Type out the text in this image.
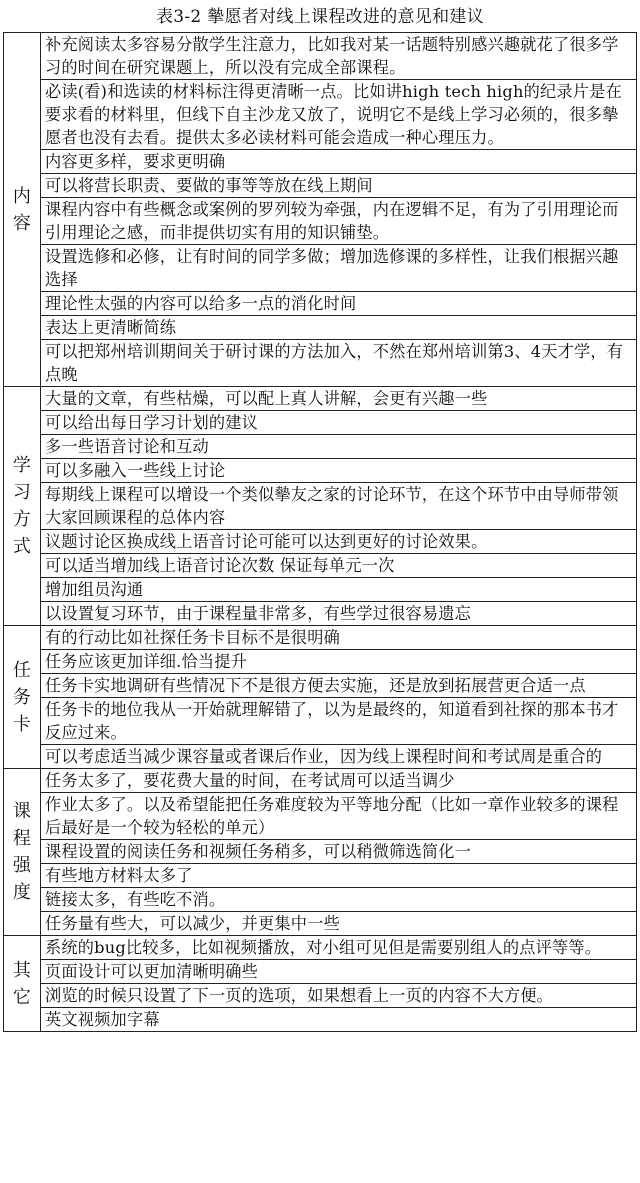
表3-2 摰愿者对线上课程改进的意见和建议
内
容	补充阅读太多容易分散学生注意力，比如我对某一话题特别感兴趣就花了很多学习的时间在研究课题上，所以没有完成全部课程。
	必读(看)和选读的材料标注得更清晰一点。比如讲high tech high的纪录片是在要求看的材料里，但线下自主沙龙又放了，说明它不是线上学习必须的，很多摰愿者也没有去看。提供太多必读材料可能会造成一种心理压力。
	内容更多样，要求更明确
	可以将营长职责、要做的事等等放在线上期间
	课程内容中有些概念或案例的罗列较为牵强，内在逻辑不足，有为了引用理论而引用理论之感，而非提供切实有用的知识铺垫。
	设置选修和必修，让有时间的同学多做；增加选修课的多样性，让我们根据兴趣选择
	理论性太强的内容可以给多一点的消化时间
	表达上更清晰简练
	可以把郑州培训期间关于研讨课的方法加入，不然在郑州培训第3、4天才学，有点晚

学
习
方
式	大量的文章，有些枯燥，可以配上真人讲解，会更有兴趣一些
	可以给出每日学习计划的建议
	多一些语音讨论和互动
	可以多融入一些线上讨论
	每期线上课程可以增设一个类似摰友之家的讨论环节，在这个环节中由导师带领大家回顾课程的总体内容
	议题讨论区换成线上语音讨论可能可以达到更好的讨论效果。
	可以适当增加线上语音讨论次数 保证每单元一次
	增加组员沟通
	以设置复习环节，由于课程量非常多，有些学过很容易遗忘

任
务
卡	有的行动比如社探任务卡目标不是很明确
	任务应该更加详细.恰当提升
	任务卡实地调研有些情况下不是很方便去实施，还是放到拓展营更合适一点
	任务卡的地位我从一开始就理解错了，以为是最终的，知道看到社探的那本书才反应过来。
	可以考虑适当减少课容量或者课后作业，因为线上课程时间和考试周是重合的

课
程
强
度	任务太多了，要花费大量的时间，在考试周可以适当调少
	作业太多了。以及希望能把任务难度较为平等地分配（比如一章作业较多的课程后最好是一个较为轻松的单元）
	课程设置的阅读任务和视频任务稍多，可以稍微筛选简化一
	有些地方材料太多了
	链接太多，有些吃不消。
	任务量有些大，可以减少，并更集中一些

其
它	系统的bug比较多，比如视频播放，对小组可见但是需要别组人的点评等等。
	页面设计可以更加清晰明确些
	浏览的时候只设置了下一页的选项，如果想看上一页的内容不大方便。
	英文视频加字幕
